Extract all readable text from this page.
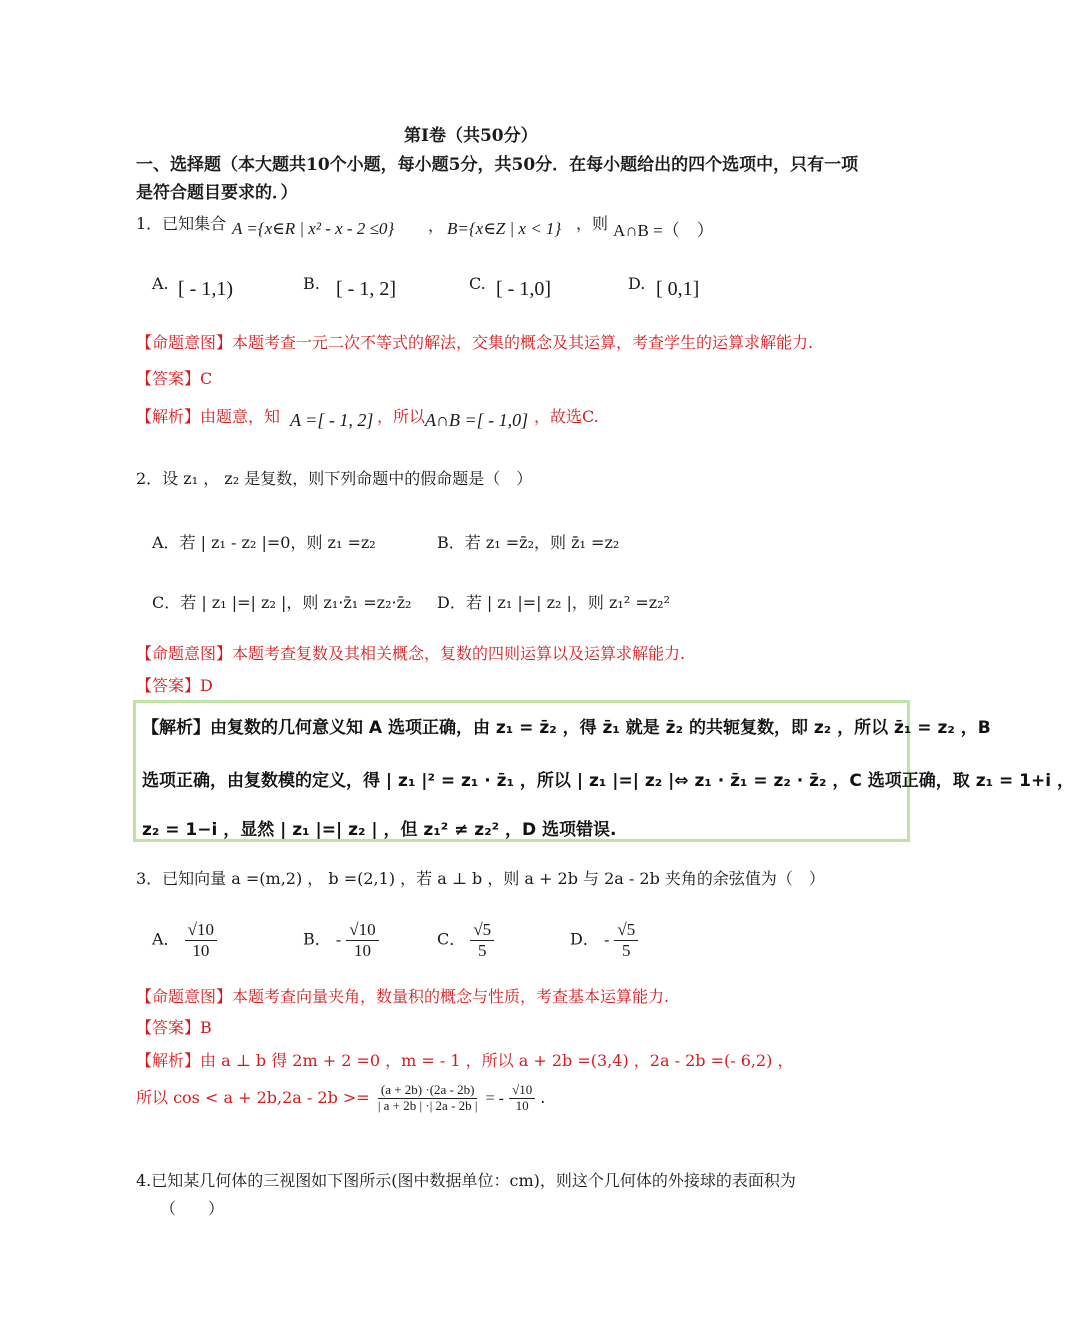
第Ⅰ卷（共50分）
一、选择题（本大题共10个小题，每小题5分，共50分．在每小题给出的四个选项中，只有一项
是符合题目要求的．）
1．已知集合 A ={x∈R | x² - x - 2 ≤0} ， B={x∈Z | x < 1} ，则 A∩B =（　）
A. [ - 1,1)	B. [ - 1, 2]	C. [ - 1,0]	D. [ 0,1]
【命题意图】本题考查一元二次不等式的解法，交集的概念及其运算，考查学生的运算求解能力.
【答案】C
【解析】由题意，知 A =[ - 1, 2] ，所以 A∩B =[ - 1,0] ，故选C.
2．设 z₁ ， z₂ 是复数，则下列命题中的假命题是（　）
A．若 | z₁ - z₂ |=0，则 z₁ =z₂	B．若 z₁ =z̄₂，则 z̄₁ =z₂
C．若 | z₁ |=| z₂ |，则 z₁·z̄₁ =z₂·z̄₂ D．若 | z₁ |=| z₂ |，则 z₁² =z₂²
【命题意图】本题考查复数及其相关概念，复数的四则运算以及运算求解能力.
【答案】D
【解析】由复数的几何意义知 A 选项正确，由 z₁ = z̄₂ ，得 z̄₁ 就是 z̄₂ 的共轭复数，即 z₂ ，所以 z̄₁ = z₂ ，B
选项正确，由复数模的定义，得 | z₁ |² = z₁ · z̄₁ ，所以 | z₁ |=| z₂ |⇔ z₁ · z̄₁ = z₂ · z̄₂ ，C 选项正确，取 z₁ = 1+i ，
z₂ = 1−i ，显然 | z₁ |=| z₂ | ，但 z₁² ≠ z₂² ，D 选项错误.
3．已知向量 a =(m,2) ， b =(2,1) ，若 a ⊥ b ，则 a + 2b 与 2a - 2b 夹角的余弦值为（　）
A． $\frac{√10}{10}$	B． - $\frac{√10}{10}$	C． $\frac{√5}{5}$	D． - $\frac{√5}{5}$
【命题意图】本题考查向量夹角，数量积的概念与性质，考查基本运算能力.
【答案】B
【解析】由 a ⊥ b 得 2m + 2 =0 ，m = - 1 ，所以 a + 2b =(3,4) ，2a - 2b =(- 6,2) ，
所以 $\cos < a + 2b,2a - 2b >= \frac{(a + 2b) \cdot(2a - 2b)}{| a + 2b | \cdot| 2a - 2b |}$ = - $\frac{√10}{10}$ .
4.已知某几何体的三视图如下图所示(图中数据单位：cm)，则这个几何体的外接球的表面积为
（　　）
